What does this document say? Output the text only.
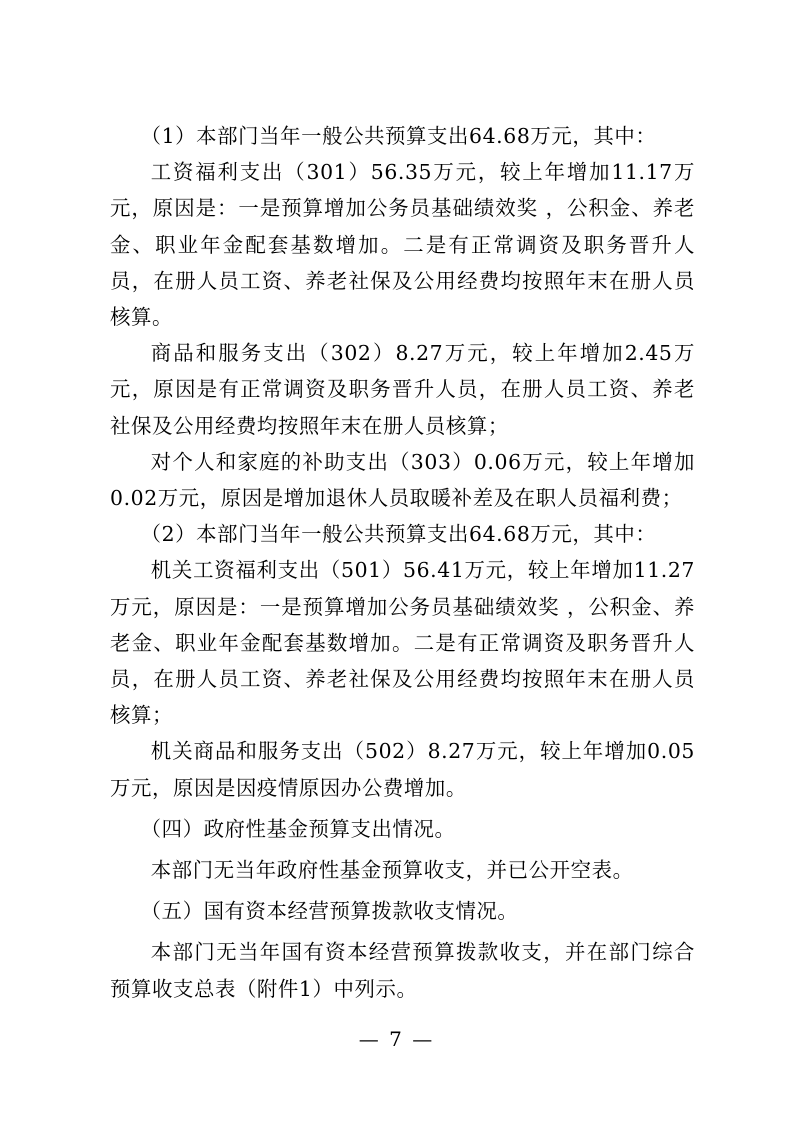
（1）本部门当年一般公共预算支出64.68万元，其中：

工资福利支出（301）56.35万元，较上年增加11.17万元，原因是：一是预算增加公务员基础绩效奖 ，公积金、养老金、职业年金配套基数增加。二是有正常调资及职务晋升人员，在册人员工资、养老社保及公用经费均按照年末在册人员核算。

商品和服务支出（302）8.27万元，较上年增加2.45万元，原因是有正常调资及职务晋升人员，在册人员工资、养老社保及公用经费均按照年末在册人员核算；

对个人和家庭的补助支出（303）0.06万元，较上年增加0.02万元，原因是增加退休人员取暖补差及在职人员福利费；

（2）本部门当年一般公共预算支出64.68万元，其中：

机关工资福利支出（501）56.41万元，较上年增加11.27万元，原因是：一是预算增加公务员基础绩效奖 ，公积金、养老金、职业年金配套基数增加。二是有正常调资及职务晋升人员，在册人员工资、养老社保及公用经费均按照年末在册人员核算；

机关商品和服务支出（502）8.27万元，较上年增加0.05万元，原因是因疫情原因办公费增加。

（四）政府性基金预算支出情况。

本部门无当年政府性基金预算收支，并已公开空表。

（五）国有资本经营预算拨款收支情况。

本部门无当年国有资本经营预算拨款收支，并在部门综合预算收支总表（附件1）中列示。

— 7 —
